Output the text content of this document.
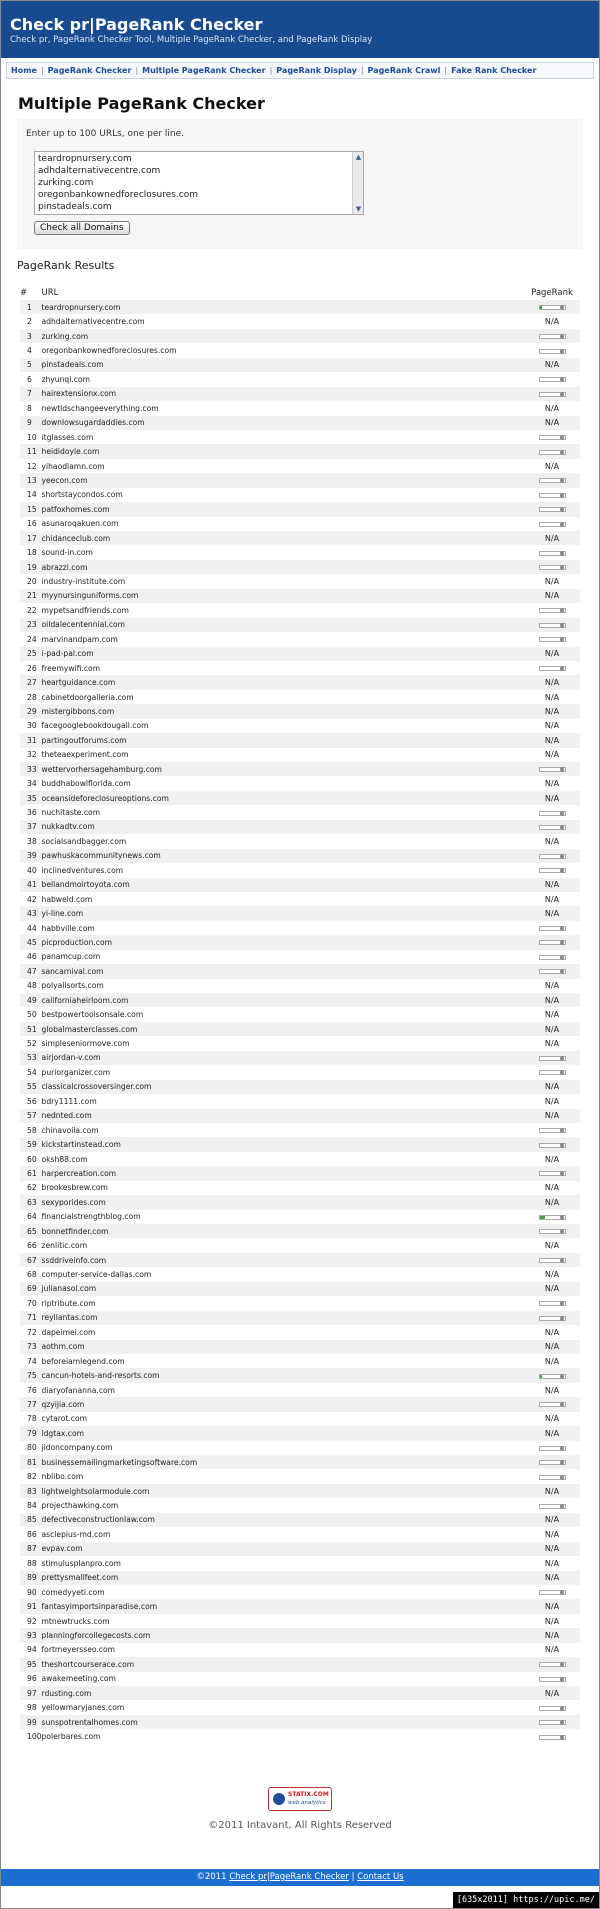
Check pr|PageRank Checker
Check pr, PageRank Checker Tool, Multiple PageRank Checker, and PageRank Display
Home | PageRank Checker | Multiple PageRank Checker | PageRank Display | PageRank Crawl | Fake Rank Checker
Multiple PageRank Checker
Enter up to 100 URLs, one per line.
teardropnursery.com
adhdalternativecentre.com
zurking.com
oregonbankownedforeclosures.com
pinstadeals.com
▲
▼
Check all Domains
PageRank Results
#	URL	PageRank
1	teardropnursery.com	

2	adhdalternativecentre.com	N/A
3	zurking.com	

4	oregonbankownedforeclosures.com	

5	pinstadeals.com	N/A
6	zhyunqi.com	

7	hairextensionx.com	

8	newtldschangeeverything.com	N/A
9	downlowsugardaddies.com	N/A
10	itglasses.com	

11	heididoyle.com	

12	yihaodiamn.com	N/A
13	yeecon.com	

14	shortstaycondos.com	

15	patfoxhomes.com	

16	asunaroqakuen.com	

17	chidanceclub.com	N/A
18	sound-in.com	

19	abrazzi.com	

20	industry-institute.com	N/A
21	myynursinguniforms.com	N/A
22	mypetsandfriends.com	

23	oildalecentennial.com	

24	marvinandpam.com	

25	i-pad-pal.com	N/A
26	freemywifi.com	

27	heartguidance.com	N/A
28	cabinetdoorgalleria.com	N/A
29	mistergibbons.com	N/A
30	facegooglebookdougall.com	N/A
31	partingoutforums.com	N/A
32	theteaexperiment.com	N/A
33	wettervorhersagehamburg.com	

34	buddhabowlflorida.com	N/A
35	oceansideforeclosureoptions.com	N/A
36	nuchitaste.com	

37	nukkadtv.com	

38	socialsandbagger.com	N/A
39	pawhuskacommunitynews.com	

40	inclinedventures.com	

41	bellandmoirtoyota.com	N/A
42	habweld.com	N/A
43	yi-line.com	N/A
44	habbville.com	

45	picproduction.com	

46	panamcup.com	

47	sancarnival.com	

48	polyallsorts.com	N/A
49	californiaheirloom.com	N/A
50	bestpowertoolsonsale.com	N/A
51	globalmasterclasses.com	N/A
52	simpleseniormove.com	N/A
53	airjordan-v.com	

54	puriorganizer.com	

55	classicalcrossoversinger.com	N/A
56	bdry1111.com	N/A
57	nednted.com	N/A
58	chinavoila.com	

59	kickstartinstead.com	

60	oksh88.com	N/A
61	harpercreation.com	

62	brookesbrew.com	N/A
63	sexyporides.com	N/A
64	financialstrengthblog.com	

65	bonnetfinder.com	

66	zenlitic.com	N/A
67	ssddriveinfo.com	

68	computer-service-dallas.com	N/A
69	julianasol.com	N/A
70	riptribute.com	

71	reyllantas.com	

72	dapeimei.com	N/A
73	aothm.com	N/A
74	beforeiamlegend.com	N/A
75	cancun-hotels-and-resorts.com	

76	diaryofananna.com	N/A
77	qzyijia.com	

78	cytarot.com	N/A
79	ldgtax.com	N/A
80	jidoncompany.com	

81	businessemailingmarketingsoftware.com	

82	nblibo.com	

83	lightweightsolarmodule.com	N/A
84	projecthawking.com	

85	defectiveconstructionlaw.com	N/A
86	asclepius-md.com	N/A
87	evpav.com	N/A
88	stimulusplanpro.com	N/A
89	prettysmallfeet.com	N/A
90	comedyyeti.com	

91	fantasyimportsinparadise.com	N/A
92	mtnewtrucks.com	N/A
93	planningforcollegecosts.com	N/A
94	fortmeyersseo.com	N/A
95	theshortcourserace.com	

96	awakemeeting.com	

97	rdusting.com	N/A
98	yellowmaryjanes.com	

99	sunspotrentalhomes.com	

100	polerbares.com	
STATIX.COM
web analytics
©2011 Intavant, All Rights Reserved
©2011 Check pr|PageRank Checker | Contact Us
[635x2011] https://upic.me/
